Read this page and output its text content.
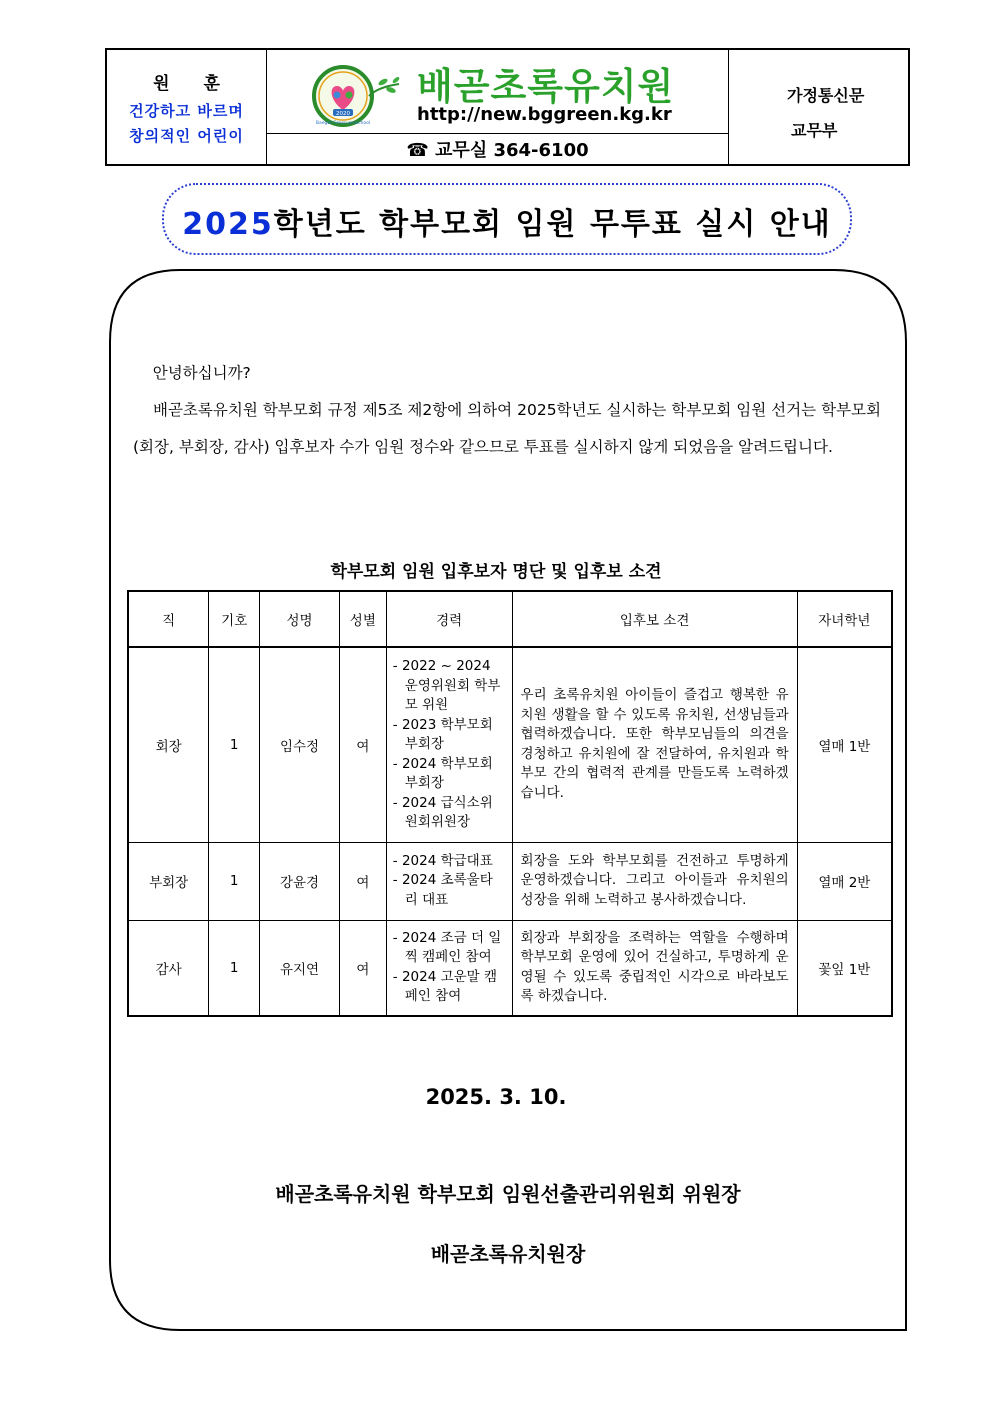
원 훈
건강하고 바르며
창의적인 어린이
2020
Baegot Green preschool
배곧초록유치원
http://new.bggreen.kg.kr
☎ 교무실 364-6100
가정통신문
교무부
2025학년도 학부모회 임원 무투표 실시 안내
안녕하십니까?
배곧초록유치원 학부모회 규정 제5조 제2항에 의하여 2025학년도 실시하는 학부모회 임원 선거는 학부모회(회장, 부회장, 감사) 입후보자 수가 임원 정수와 같으므로 투표를 실시하지 않게 되었음을 알려드립니다.
학부모회 임원 입후보자 명단 및 입후보 소견
직	기호	성명	성별	경력	입후보 소견	자녀학년
회장	1	임수정	여	- 2022 ~ 2024 운영위원회 학부모 위원
- 2023 학부모회 부회장
- 2024 학부모회 부회장
- 2024 급식소위원회위원장	우리 초록유치원 아이들이 즐겁고 행복한 유치원 생활을 할 수 있도록 유치원, 선생님들과 협력하겠습니다. 또한 학부모님들의 의견을 경청하고 유치원에 잘 전달하여, 유치원과 학부모 간의 협력적 관계를 만들도록 노력하겠습니다.	열매 1반
부회장	1	강윤경	여	- 2024 학급대표
- 2024 초록울타리 대표	회장을 도와 학부모회를 건전하고 투명하게 운영하겠습니다. 그리고 아이들과 유치원의 성장을 위해 노력하고 봉사하겠습니다.	열매 2반
감사	1	유지연	여	- 2024 조금 더 일찍 캠페인 참여
- 2024 고운말 캠페인 참여	회장과 부회장을 조력하는 역할을 수행하며 학부모회 운영에 있어 건실하고, 투명하게 운영될 수 있도록 중립적인 시각으로 바라보도록 하겠습니다.	꽃잎 1반
2025. 3. 10.
배곧초록유치원 학부모회 임원선출관리위원회 위원장
배곧초록유치원장
